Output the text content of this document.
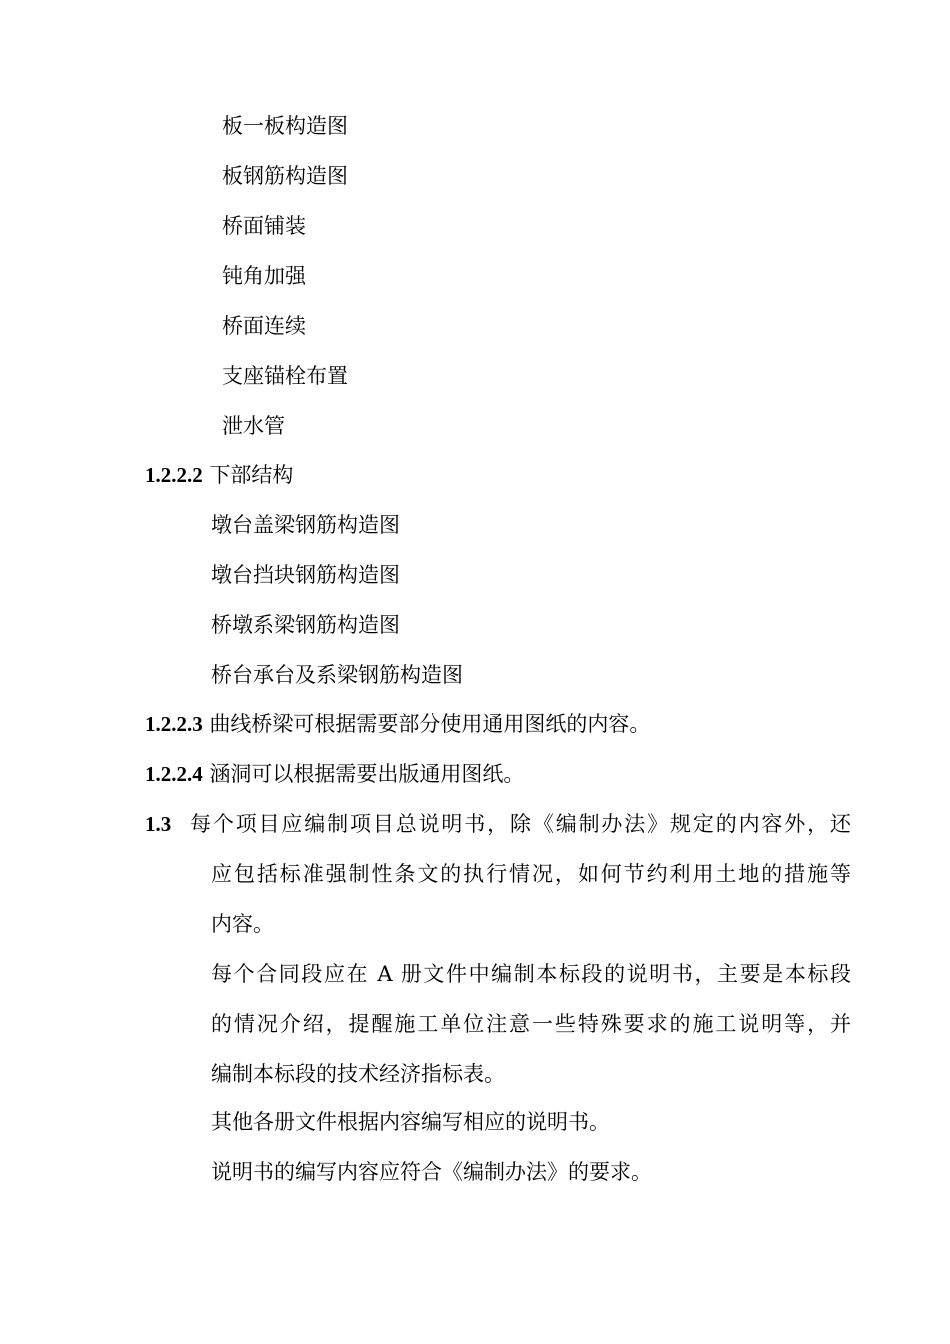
板一板构造图
板钢筋构造图
桥面铺装
钝角加强
桥面连续
支座锚栓布置
泄水管
1.2.2.2 下部结构
墩台盖梁钢筋构造图
墩台挡块钢筋构造图
桥墩系梁钢筋构造图
桥台承台及系梁钢筋构造图
1.2.2.3 曲线桥梁可根据需要部分使用通用图纸的内容。
1.2.2.4 涵洞可以根据需要出版通用图纸。
1.3 每个项目应编制项目总说明书，除《编制办法》规定的内容外，还
应包括标准强制性条文的执行情况，如何节约利用土地的措施等
内容。
每个合同段应在 A 册文件中编制本标段的说明书，主要是本标段
的情况介绍，提醒施工单位注意一些特殊要求的施工说明等，并
编制本标段的技术经济指标表。
其他各册文件根据内容编写相应的说明书。
说明书的编写内容应符合《编制办法》的要求。
